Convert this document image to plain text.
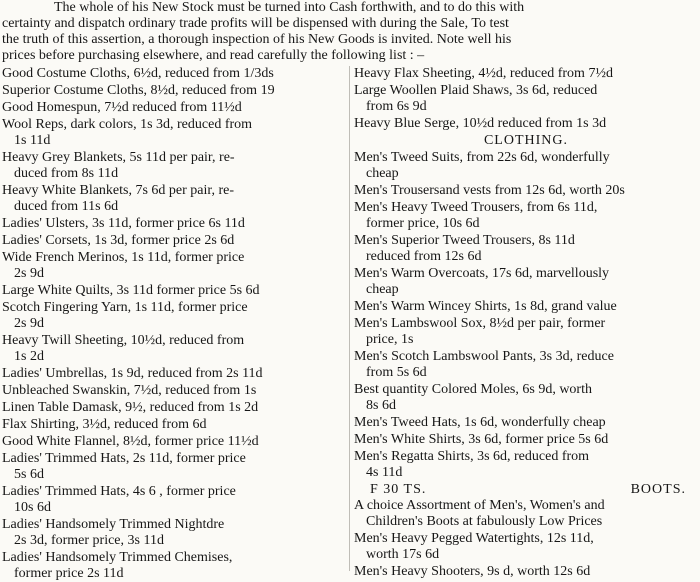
The whole of his New Stock must be turned into Cash forthwith, and to do this with
certainty and dispatch ordinary trade profits will be dispensed with during the Sale, To test
the truth of this assertion, a thorough inspection of his New Goods is invited. Note well his
prices before purchasing elsewhere, and read carefully the following list : –
Good Costume Cloths, 6½d, reduced from 1/3ds
Superior Costume Cloths, 8½d, reduced from 19
Good Homespun, 7½d reduced from 11½d
Wool Reps, dark colors, 1s 3d, reduced from
1s 11d
Heavy Grey Blankets, 5s 11d per pair, re-
duced from 8s 11d
Heavy White Blankets, 7s 6d per pair, re-
duced from 11s 6d
Ladies' Ulsters, 3s 11d, former price 6s 11d
Ladies' Corsets, 1s 3d, former price 2s 6d
Wide French Merinos, 1s 11d, former price
2s 9d
Large White Quilts, 3s 11d former price 5s 6d
Scotch Fingering Yarn, 1s 11d, former price
2s 9d
Heavy Twill Sheeting, 10½d, reduced from
1s 2d
Ladies' Umbrellas, 1s 9d, reduced from 2s 11d
Unbleached Swanskin, 7½d, reduced from 1s
Linen Table Damask, 9½, reduced from 1s 2d
Flax Shirting, 3½d, reduced from 6d
Good White Flannel, 8½d, former price 11½d
Ladies' Trimmed Hats, 2s 11d, former price
5s 6d
Ladies' Trimmed Hats, 4s 6 , former price
10s 6d
Ladies' Handsomely Trimmed Nightdre
2s 3d, former price, 3s 11d
Ladies' Handsomely Trimmed Chemises,
former price 2s 11d
Heavy Flax Sheeting, 4½d, reduced from 7½d
Large Woollen Plaid Shaws, 3s 6d, reduced
from 6s 9d
Heavy Blue Serge, 10½d reduced from 1s 3d
CLOTHING.
Men's Tweed Suits, from 22s 6d, wonderfully
cheap
Men's Trousersand vests from 12s 6d, worth 20s
Men's Heavy Tweed Trousers, from 6s 11d,
former price, 10s 6d
Men's Superior Tweed Trousers, 8s 11d
reduced from 12s 6d
Men's Warm Overcoats, 17s 6d, marvellously
cheap
Men's Warm Wincey Shirts, 1s 8d, grand value
Men's Lambswool Sox, 8½d per pair, former
price, 1s
Men's Scotch Lambswool Pants, 3s 3d, reduce
from 5s 6d
Best quantity Colored Moles, 6s 9d, worth
8s 6d
Men's Tweed Hats, 1s 6d, wonderfully cheap
Men's White Shirts, 3s 6d, former price 5s 6d
Men's Regatta Shirts, 3s 6d, reduced from
4s 11d
F 30 TS.	BOOTS.
A choice Assortment of Men's, Women's and
Children's Boots at fabulously Low Prices
Men's Heavy Pegged Watertights, 12s 11d,
worth 17s 6d
Men's Heavy Shooters, 9s d, worth 12s 6d
